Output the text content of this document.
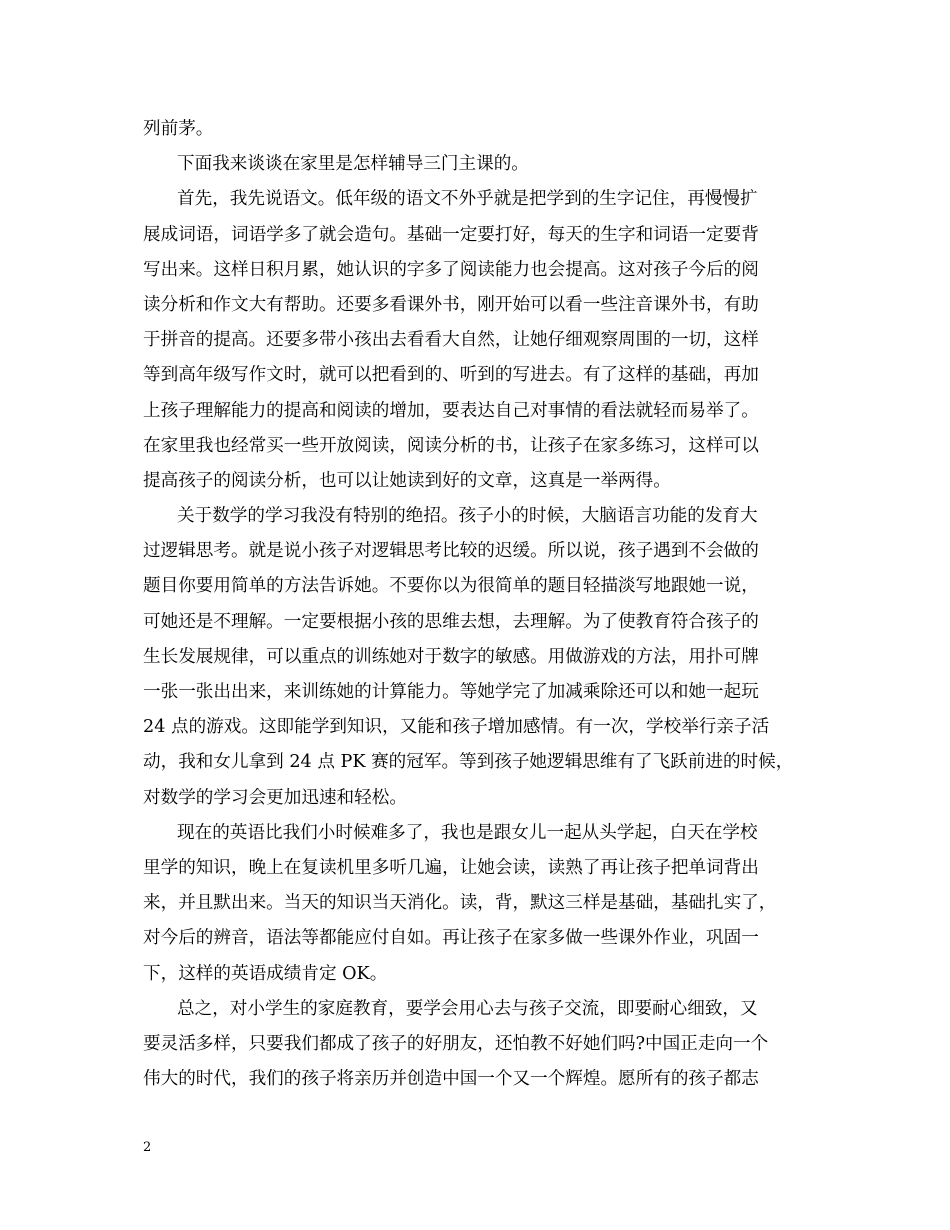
列前茅。
下面我来谈谈在家里是怎样辅导三门主课的。
首先，我先说语文。低年级的语文不外乎就是把学到的生字记住，再慢慢扩
展成词语，词语学多了就会造句。基础一定要打好，每天的生字和词语一定要背
写出来。这样日积月累，她认识的字多了阅读能力也会提高。这对孩子今后的阅
读分析和作文大有帮助。还要多看课外书，刚开始可以看一些注音课外书，有助
于拼音的提高。还要多带小孩出去看看大自然，让她仔细观察周围的一切，这样
等到高年级写作文时，就可以把看到的、听到的写进去。有了这样的基础，再加
上孩子理解能力的提高和阅读的增加，要表达自己对事情的看法就轻而易举了。
在家里我也经常买一些开放阅读，阅读分析的书，让孩子在家多练习，这样可以
提高孩子的阅读分析，也可以让她读到好的文章，这真是一举两得。
关于数学的学习我没有特别的绝招。孩子小的时候，大脑语言功能的发育大
过逻辑思考。就是说小孩子对逻辑思考比较的迟缓。所以说，孩子遇到不会做的
题目你要用简单的方法告诉她。不要你以为很简单的题目轻描淡写地跟她一说，
可她还是不理解。一定要根据小孩的思维去想，去理解。为了使教育符合孩子的
生长发展规律，可以重点的训练她对于数字的敏感。用做游戏的方法，用扑可牌
一张一张出出来，来训练她的计算能力。等她学完了加减乘除还可以和她一起玩
24 点的游戏。这即能学到知识，又能和孩子增加感情。有一次，学校举行亲子活
动，我和女儿拿到 24 点 PK 赛的冠军。等到孩子她逻辑思维有了飞跃前进的时候，
对数学的学习会更加迅速和轻松。
现在的英语比我们小时候难多了，我也是跟女儿一起从头学起，白天在学校
里学的知识，晚上在复读机里多听几遍，让她会读，读熟了再让孩子把单词背出
来，并且默出来。当天的知识当天消化。读，背，默这三样是基础，基础扎实了，
对今后的辨音，语法等都能应付自如。再让孩子在家多做一些课外作业，巩固一
下，这样的英语成绩肯定 OK。
总之，对小学生的家庭教育，要学会用心去与孩子交流，即要耐心细致，又
要灵活多样，只要我们都成了孩子的好朋友，还怕教不好她们吗?中国正走向一个
伟大的时代，我们的孩子将亲历并创造中国一个又一个辉煌。愿所有的孩子都志
2
